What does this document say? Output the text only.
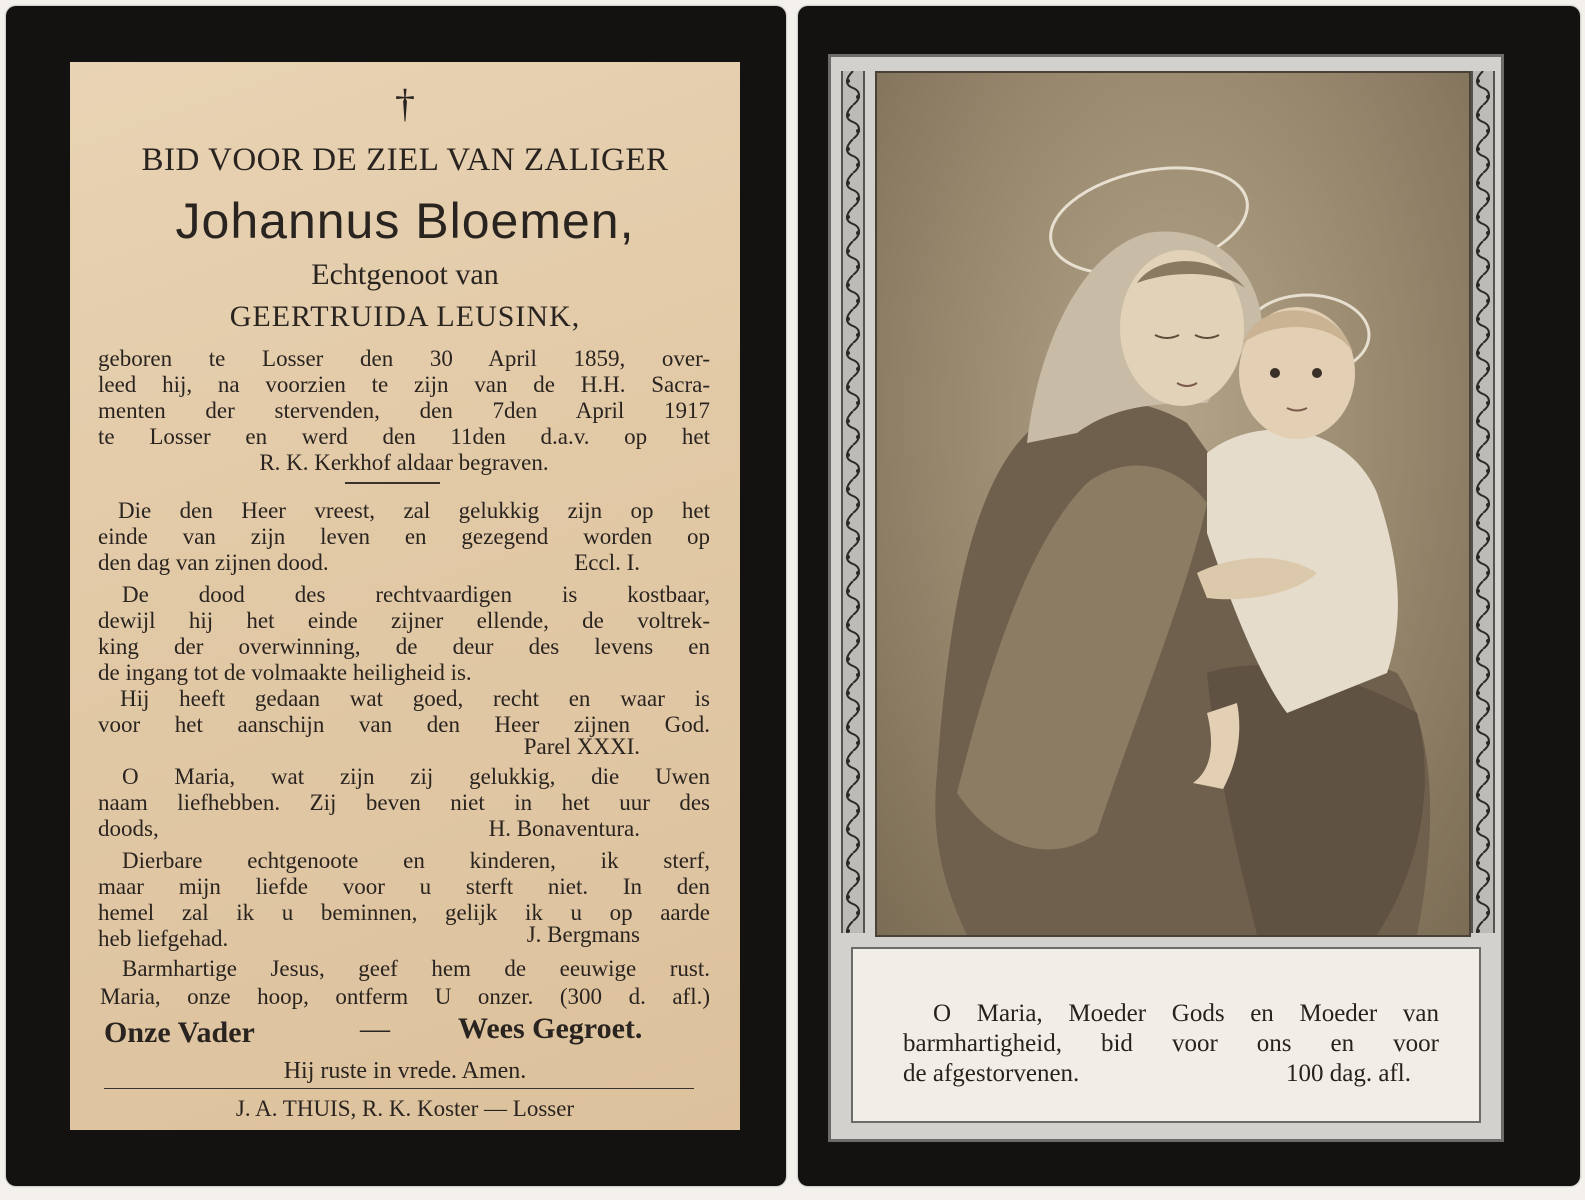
†
BID VOOR DE ZIEL VAN ZALIGER
Johannus Bloemen,
Echtgenoot van
GEERTRUIDA LEUSINK,
geboren te Losser den 30 April 1859, over-
leed hij, na voorzien te zijn van de H.H. Sacra-
menten der stervenden, den 7den April 1917
te Losser en werd den 11den d.a.v. op het
R. K. Kerkhof aldaar begraven.
Die den Heer vreest, zal gelukkig zijn op het
einde van zijn leven en gezegend worden op
den dag van zijnen dood.	Eccl. I.
De dood des rechtvaardigen is kostbaar,
dewijl hij het einde zijner ellende, de voltrek-
king der overwinning, de deur des levens en
de ingang tot de volmaakte heiligheid is.
Hij heeft gedaan wat goed, recht en waar is
voor het aanschijn van den Heer zijnen God.
Parel XXXI.
O Maria, wat zijn zij gelukkig, die Uwen
naam liefhebben. Zij beven niet in het uur des
doods,	H. Bonaventura.
Dierbare echtgenoote en kinderen, ik sterf,
maar mijn liefde voor u sterft niet. In den
hemel zal ik u beminnen, gelijk ik u op aarde
heb liefgehad.	J. Bergmans
Barmhartige Jesus, geef hem de eeuwige rust.
Maria, onze hoop, ontferm U onzer. (300 d. afl.)
Onze Vader	— Wees Gegroet.
Hij ruste in vrede. Amen.
J. A. THUIS, R. K. Koster — Losser
O Maria, Moeder Gods en Moeder van
barmhartigheid, bid voor ons en voor
de afgestorvenen.	100 dag. afl.
